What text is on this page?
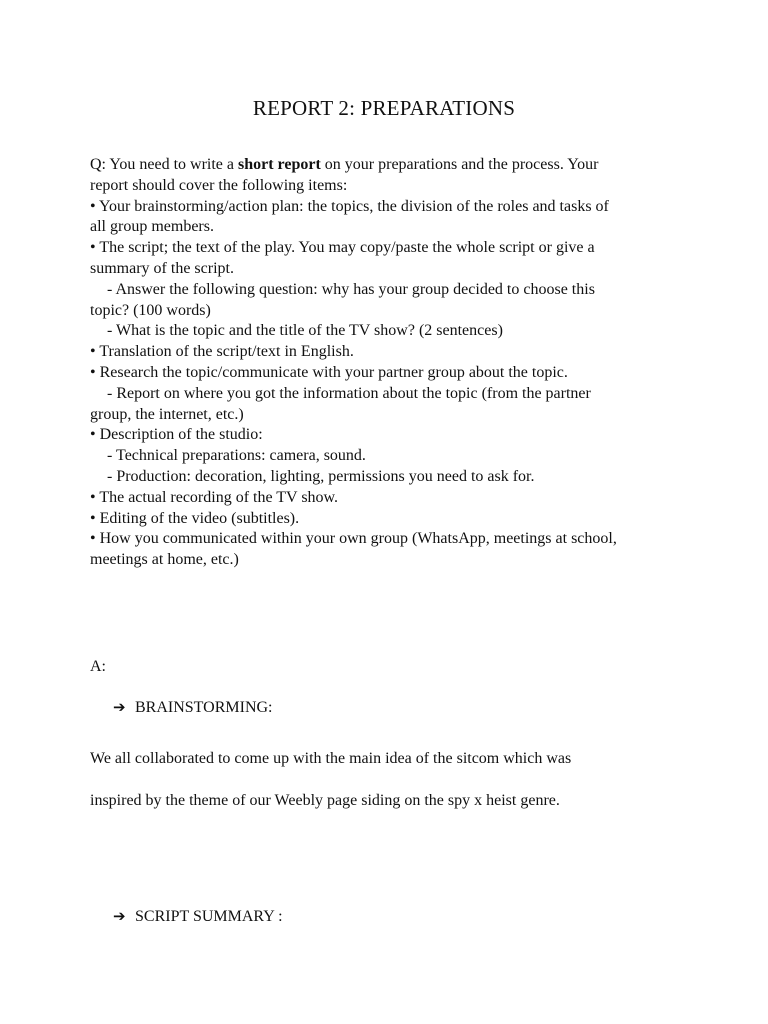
REPORT 2: PREPARATIONS
Q: You need to write a short report on your preparations and the process. Your
report should cover the following items:
• Your brainstorming/action plan: the topics, the division of the roles and tasks of
all group members.
• The script; the text of the play. You may copy/paste the whole script or give a
summary of the script.
- Answer the following question: why has your group decided to choose this
topic? (100 words)
- What is the topic and the title of the TV show? (2 sentences)
• Translation of the script/text in English.
• Research the topic/communicate with your partner group about the topic.
- Report on where you got the information about the topic (from the partner
group, the internet, etc.)
• Description of the studio:
- Technical preparations: camera, sound.
- Production: decoration, lighting, permissions you need to ask for.
• The actual recording of the TV show.
• Editing of the video (subtitles).
• How you communicated within your own group (WhatsApp, meetings at school,
meetings at home, etc.)
A:
➔ BRAINSTORMING:
We all collaborated to come up with the main idea of the sitcom which was
inspired by the theme of our Weebly page siding on the spy x heist genre.
➔ SCRIPT SUMMARY :
